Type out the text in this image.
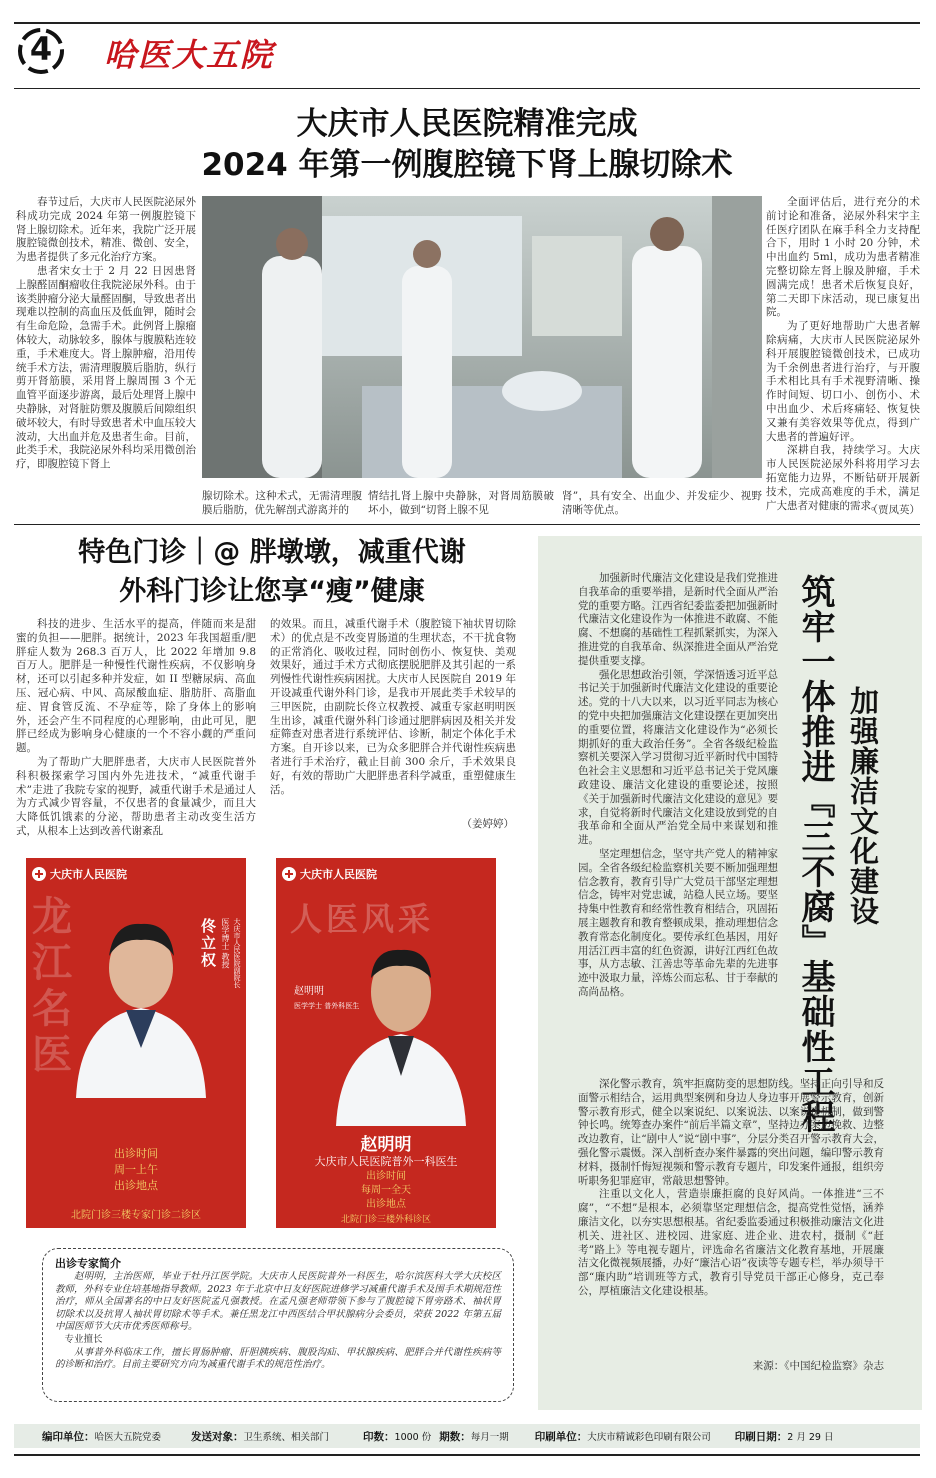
4	哈医大五院
大庆市人民医院精准完成
2024 年第一例腹腔镜下肾上腺切除术

春节过后，大庆市人民医院泌尿外科成功完成 2024 年第一例腹腔镜下肾上腺切除术。近年来，我院广泛开展腹腔镜微创技术，精准、微创、安全，为患者提供了多元化治疗方案。

患者宋女士于 2 月 22 日因患肾上腺醛固酮瘤收住我院泌尿外科。由于该类肿瘤分泌大量醛固酮，导致患者出现难以控制的高血压及低血钾，随时会有生命危险，急需手术。此例肾上腺瘤体较大，动脉较多，腺体与腹膜粘连较重，手术难度大。肾上腺肿瘤，沿用传统手术方法，需清理腹膜后脂肪，纵行剪开肾筋膜，采用肾上腺周围 3 个无血管平面逐步游离，最后处理肾上腺中央静脉，对肾脏防禦及腹膜后间隙组织破坏较大，有时导致患者术中血压较大波动，大出血并危及患者生命。目前，此类手术，我院泌尿外科均采用微创治疗，即腹腔镜下肾上

腺切除术。这种术式，无需清理腹膜后脂肪，优先解剖式游离并的
情结扎肾上腺中央静脉，对肾周筋膜破坏小，做到“切肾上腺不见
肾”，具有安全、出血少、并发症少、视野清晰等优点。

全面评估后，进行充分的术前讨论和准备，泌尿外科宋宇主任医疗团队在麻手科全力支持配合下，用时 1 小时 20 分钟，术中出血约 5ml，成功为患者精准完整切除左肾上腺及肿瘤，手术圆满完成！患者术后恢复良好，第二天即下床活动，现已康复出院。

为了更好地帮助广大患者解除病痛，大庆市人民医院泌尿外科开展腹腔镜微创技术，已成功为千余例患者进行治疗，与开腹手术相比具有手术视野清晰、操作时间短、切口小、创伤小、术中出血少、术后疼痛轻、恢复快又兼有美容效果等优点，得到广大患者的普遍好评。

深耕自我，持续学习。大庆市人民医院泌尿外科将用学习去拓宽能力边界，不断钻研开展新技术，完成高难度的手术，满足广大患者对健康的需求。

（贾凤英）
特色门诊｜@ 胖墩墩，减重代谢
外科门诊让您享“瘦”健康

科技的进步、生活水平的提高，伴随而来是甜蜜的负担——肥胖。据统计，2023 年我国超重/肥胖症人数为 268.3 百万人，比 2022 年增加 9.8 百万人。肥胖是一种慢性代谢性疾病，不仅影响身材，还可以引起多种并发症，如 II 型糖尿病、高血压、冠心病、中风、高尿酸血症、脂肪肝、高脂血症、胃食管反流、不孕症等，除了身体上的影响外，还会产生不同程度的心理影响，由此可见，肥胖已经成为影响身心健康的一个不容小觑的严重问题。

为了帮助广大肥胖患者，大庆市人民医院普外科积极探索学习国内外先进技术，“减重代谢手术”走进了我院专家的视野，减重代谢手术是通过人为方式减少胃容量，不仅患者的食量减少，而且大大降低饥饿素的分泌，帮助患者主动改变生活方式，从根本上达到改善代谢紊乱

的效果。而且，减重代谢手术（腹腔镜下袖状胃切除术）的优点是不改变胃肠道的生理状态，不干扰食物的正常消化、吸收过程，同时创伤小、恢复快、美观效果好，通过手术方式彻底摆脱肥胖及其引起的一系列慢性代谢性疾病困扰。大庆市人民医院自 2019 年开设减重代谢外科门诊，是我市开展此类手术较早的三甲医院，由副院长佟立权教授、减重专家赵明明医生出诊，减重代谢外科门诊通过肥胖病因及相关并发症筛查对患者进行系统评估、诊断，制定个体化手术方案。自开诊以来，已为众多肥胖合并代谢性疾病患者进行手术治疗，截止目前 300 余斤，手术效果良好，有效的帮助广大肥胖患者科学减重，重塑健康生活。

（姜婷婷）
大庆市人民医院
龙江名医
佟立权 医学博士 教授 大庆市人民医院副院长
出诊时间
周一上午
出诊地点
北院门诊三楼专家门诊二诊区
大庆市人民医院
人医风采
赵明明
医学学士 普外科医生
赵明明
大庆市人民医院普外一科医生
出诊时间
每周一全天
出诊地点
北院门诊三楼外科诊区
出诊专家简介
赵明明，主治医师，毕业于牡丹江医学院。大庆市人民医院普外一科医生，哈尔滨医科大学大庆校区教师，外科专业住培基地指导教师。2023 年于北京中日友好医院进修学习减重代谢手术及围手术期规范性治疗，师从全国著名的中日友好医院孟凡强教授。在孟凡强老师带领下参与了腹腔镜下胃旁路术、袖状胃切除术以及抗胃人袖状胃切除术等手术。兼任黑龙江中西医结合甲状腺病分会委员，荣获 2022 年第五届中国医师节大庆市优秀医师称号。
专业擅长
从事普外科临床工作，擅长胃肠肿瘤、肝胆胰疾病、腹股沟疝、甲状腺疾病、肥胖合并代谢性疾病等的诊断和治疗。目前主要研究方向为减重代谢手术的规范性治疗。

加强新时代廉洁文化建设是我们党推进自我革命的重要举措，是新时代全面从严治党的重要方略。江西省纪委监委把加强新时代廉洁文化建设作为一体推进不敢腐、不能腐、不想腐的基础性工程抓紧抓实，为深入推进党的自我革命、纵深推进全面从严治党提供重要支撑。

强化思想政治引领，学深悟透习近平总书记关于加强新时代廉洁文化建设的重要论述。党的十八大以来，以习近平同志为核心的党中央把加强廉洁文化建设摆在更加突出的重要位置，将廉洁文化建设作为“必须长期抓好的重大政治任务”。全省各级纪检监察机关要深入学习贯彻习近平新时代中国特色社会主义思想和习近平总书记关于党风廉政建设、廉洁文化建设的重要论述，按照《关于加强新时代廉洁文化建设的意见》要求，自觉将新时代廉洁文化建设放到党的自我革命和全面从严治党全局中来谋划和推进。

坚定理想信念，坚守共产党人的精神家园。全省各级纪检监察机关要不断加强理想信念教育，教育引导广大党员干部坚定理想信念，铸牢对党忠诚，站稳人民立场。要坚持集中性教育和经常性教育相结合，巩固拓展主题教育和教育整顿成果，推动理想信念教育常态化制度化。要传承红色基因，用好用活江西丰富的红色资源，讲好江西红色故事，从方志敏、江善忠等革命先辈的先进事迹中汲取力量，淬炼公而忘私、甘于奉献的高尚品格。	筑牢一体推进『三不腐』基础性工程 加强廉洁文化建设

深化警示教育，筑牢拒腐防变的思想防线。坚持正向引导和反面警示相结合，运用典型案例和身边人身边事开展警示教育，创新警示教育形式，健全以案说纪、以案说法、以案说责机制，做到警钟长鸣。统筹查办案件“前后半篇文章”，坚持边办案边挽救、边整改边教育，让“剧中人”说“剧中事”，分层分类召开警示教育大会，强化警示震慑。深入剖析查办案件暴露的突出问题，编印警示教育材料，摄制忏悔短视频和警示教育专题片，印发案件通报，组织旁听职务犯罪庭审，常敲思想警钟。

注重以文化人，营造崇廉拒腐的良好风尚。一体推进“三不腐”，“不想”是根本，必须靠坚定理想信念，提高党性觉悟，涵养廉洁文化，以夯实思想根基。省纪委监委通过积极推动廉洁文化进机关、进社区、进校园、进家庭、进企业、进农村，摄制《“赶考”路上》等电视专题片，评选命名省廉洁文化教育基地，开展廉洁文化微视频展播，办好“廉洁心语”夜读等专题专栏，举办须导干部“廉内助”培训班等方式，教育引导党员干部正心修身，克己奉公，厚植廉洁文化建设根基。

来源：《中国纪检监察》杂志
编印单位： 哈医大五院党委	发送对象： 卫生系统、相关部门	印数： 1000 份 期数： 每月一期 印刷单位： 大庆市精诚彩色印刷有限公司 印刷日期： 2 月 29 日
